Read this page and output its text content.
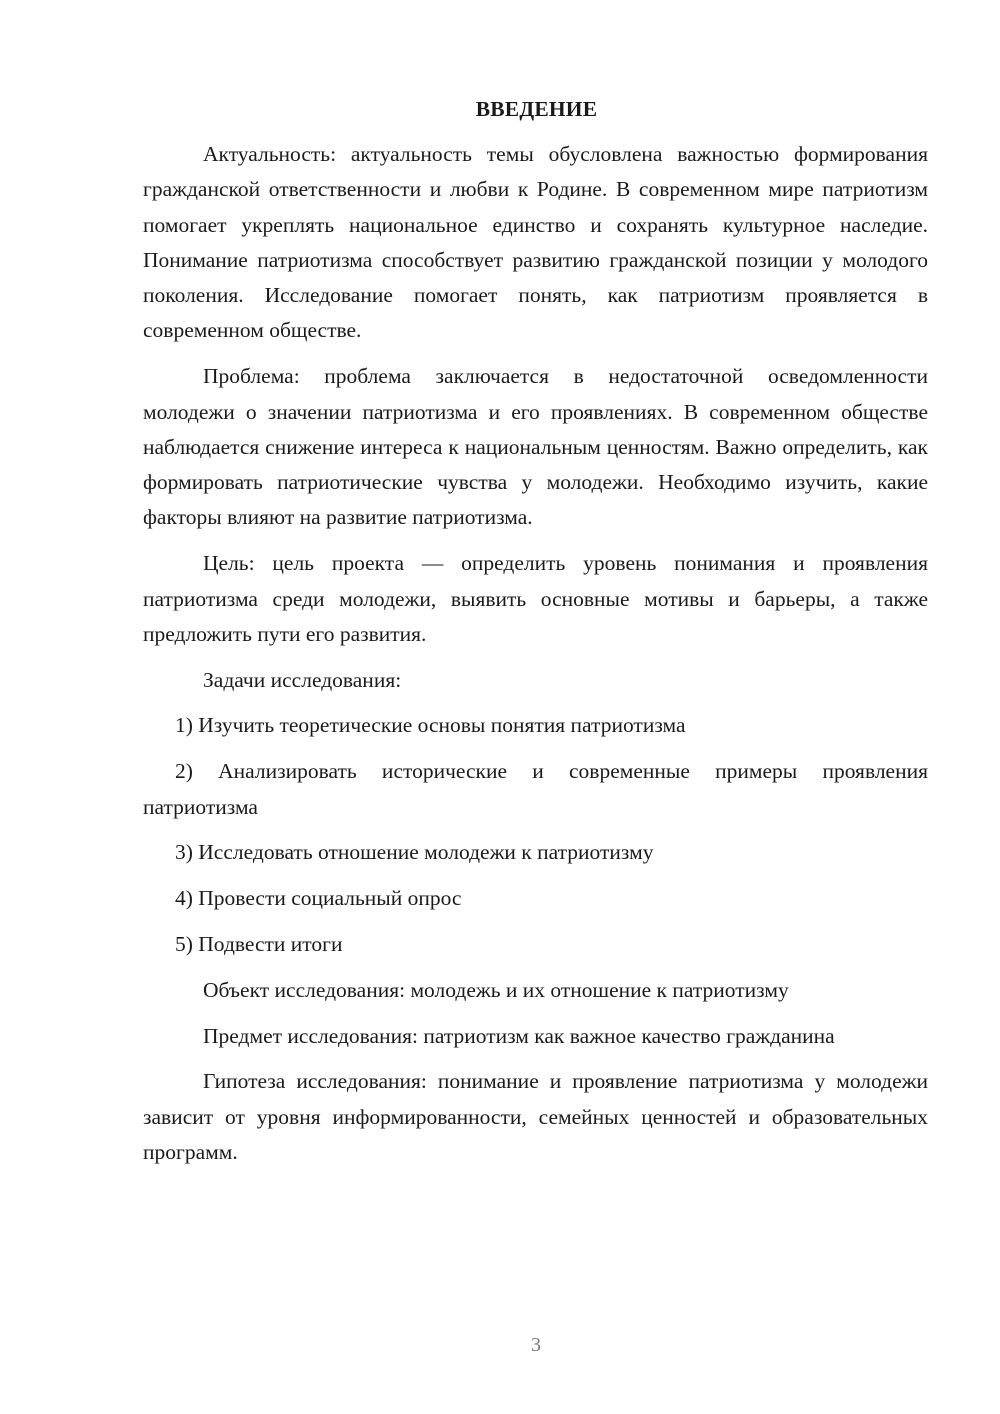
ВВЕДЕНИЕ

Актуальность: актуальность темы обусловлена важностью формирования гражданской ответственности и любви к Родине. В современном мире патриотизм помогает укреплять национальное единство и сохранять культурное наследие. Понимание патриотизма способствует развитию гражданской позиции у молодого поколения. Исследование помогает понять, как патриотизм проявляется в современном обществе.

Проблема: проблема заключается в недостаточной осведомленности молодежи о значении патриотизма и его проявлениях. В современном обществе наблюдается снижение интереса к национальным ценностям. Важно определить, как формировать патриотические чувства у молодежи. Необходимо изучить, какие факторы влияют на развитие патриотизма.

Цель: цель проекта — определить уровень понимания и проявления патриотизма среди молодежи, выявить основные мотивы и барьеры, а также предложить пути его развития.

Задачи исследования:

1) Изучить теоретические основы понятия патриотизма

2) Анализировать исторические и современные примеры проявления патриотизма

3) Исследовать отношение молодежи к патриотизму

4) Провести социальный опрос

5) Подвести итоги

Объект исследования: молодежь и их отношение к патриотизму

Предмет исследования: патриотизм как важное качество гражданина

Гипотеза исследования: понимание и проявление патриотизма у молодежи зависит от уровня информированности, семейных ценностей и образовательных программ.

3
